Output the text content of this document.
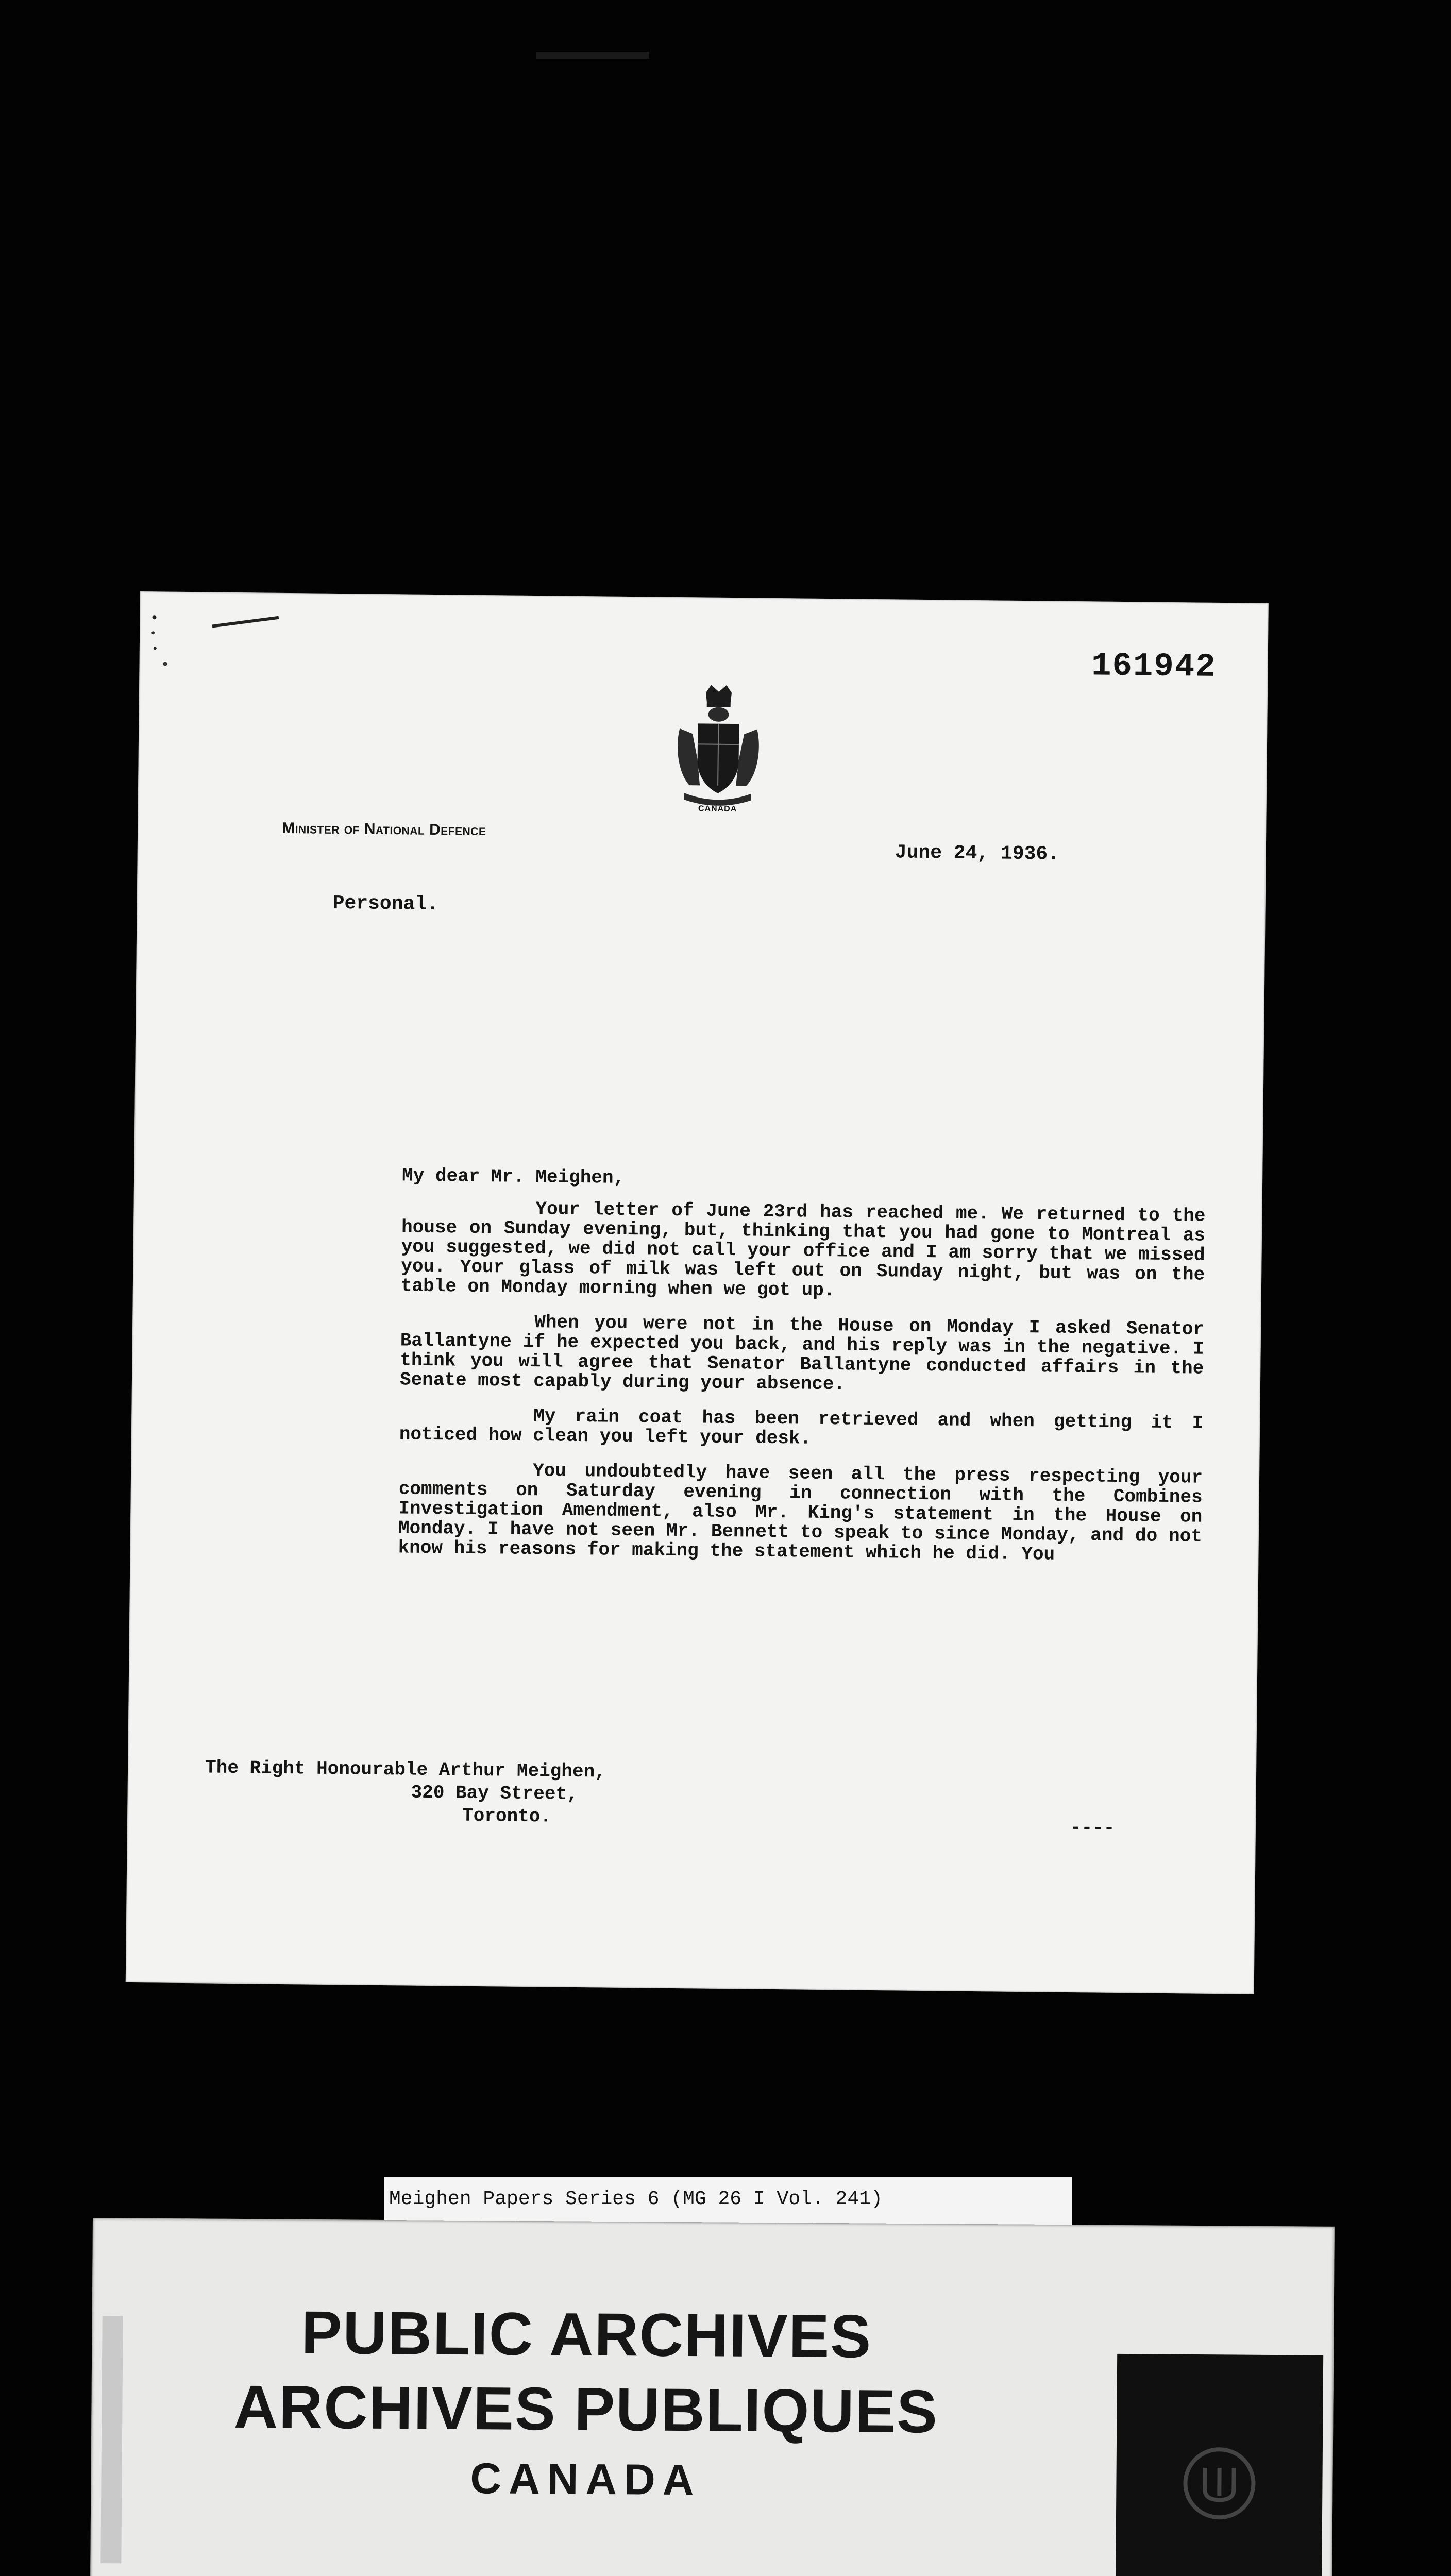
161942
CANADA
Minister of National Defence
June 24, 1936.
Personal.

My dear Mr. Meighen,

Your letter of June 23rd has reached me. We returned to the house on Sunday evening, but, thinking that you had gone to Montreal as you suggested, we did not call your office and I am sorry that we missed you. Your glass of milk was left out on Sunday night, but was on the table on Monday morning when we got up.

When you were not in the House on Monday I asked Senator Ballantyne if he expected you back, and his reply was in the negative. I think you will agree that Senator Ballantyne conducted affairs in the Senate most capably during your absence.

My rain coat has been retrieved and when getting it I noticed how clean you left your desk.

You undoubtedly have seen all the press respecting your comments on Saturday evening in connection with the Combines Investigation Amendment, also Mr. King's statement in the House on Monday. I have not seen Mr. Bennett to speak to since Monday, and do not know his reasons for making the statement which he did. You

The Right Honourable Arthur Meighen,
320 Bay Street,
Toronto.
----
Meighen Papers Series 6 (MG 26 I Vol. 241)
PUBLIC ARCHIVES
ARCHIVES PUBLIQUES
CANADA
